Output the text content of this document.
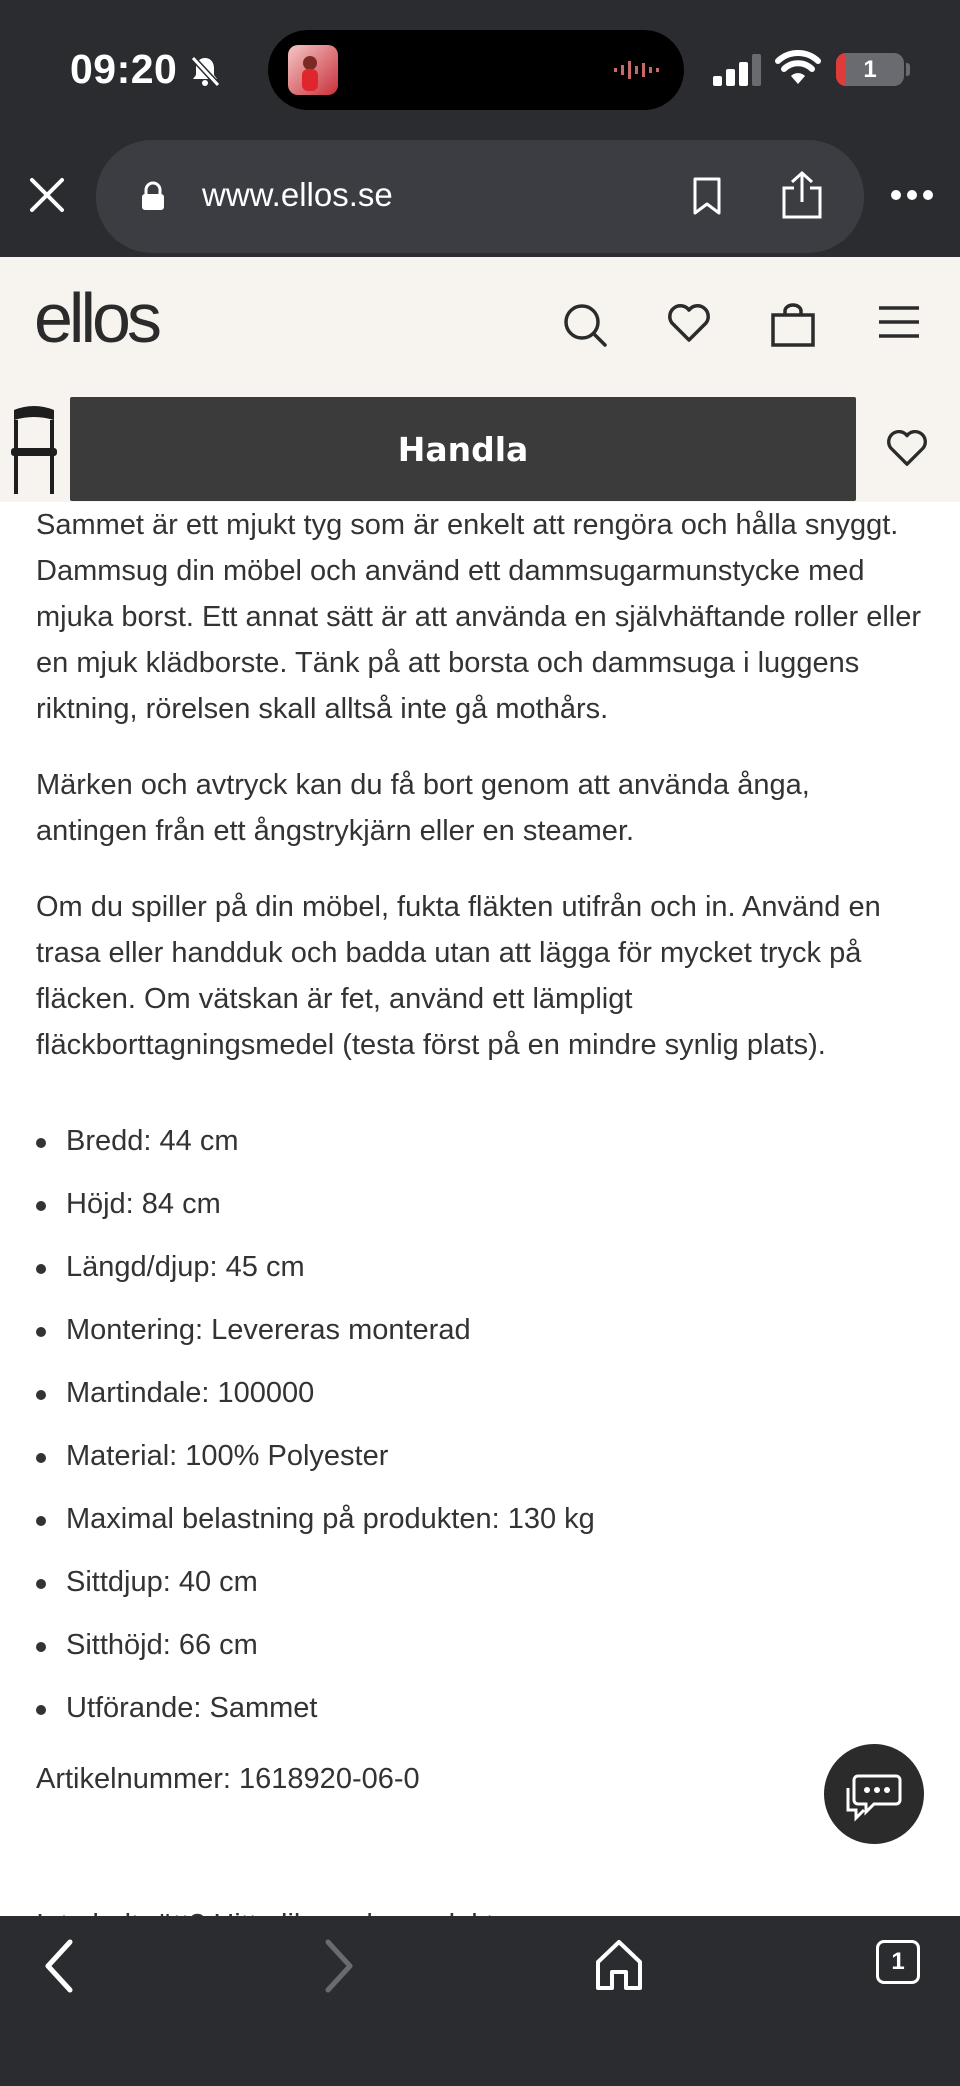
09:20	1
www.ellos.se
ellos
Handla

Sammet är ett mjukt tyg som är enkelt att rengöra och hålla snyggt. Dammsug din möbel och använd ett dammsugarmunstycke med mjuka borst. Ett annat sätt är att använda en självhäftande roller eller en mjuk klädborste. Tänk på att borsta och dammsuga i luggens riktning, rörelsen skall alltså inte gå mothårs.

Märken och avtryck kan du få bort genom att använda ånga, antingen från ett ångstrykjärn eller en steamer.

Om du spiller på din möbel, fukta fläkten utifrån och in. Använd en trasa eller handduk och badda utan att lägga för mycket tryck på fläcken. Om vätskan är fet, använd ett lämpligt fläckborttagningsmedel (testa först på en mindre synlig plats).

Bredd: 44 cm
Höjd: 84 cm
Längd/djup: 45 cm
Montering: Levereras monterad
Martindale: 100000
Material: 100% Polyester
Maximal belastning på produkten: 130 kg
Sittdjup: 40 cm
Sitthöjd: 66 cm
Utförande: Sammet

Artikelnummer: 1618920-06-0

1
